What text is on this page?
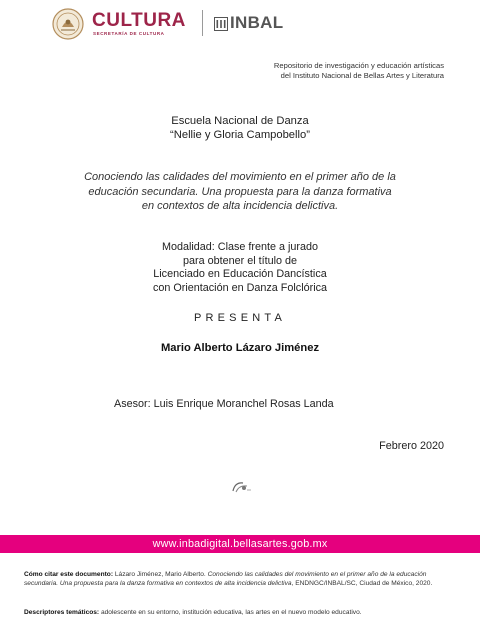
CULTURA
SECRETARÍA DE CULTURA
INBAL
Repositorio de investigación y educación artísticas
del Instituto Nacional de Bellas Artes y Literatura
Escuela Nacional de Danza
“Nellie y Gloria Campobello”
Conociendo las calidades del movimiento en el primer año de la
educación secundaria. Una propuesta para la danza formativa
en contextos de alta incidencia delictiva.
Modalidad: Clase frente a jurado
para obtener el título de
Licenciado en Educación Dancística
con Orientación en Danza Folclórica
PRESENTA
Mario Alberto Lázaro Jiménez
Asesor: Luis Enrique Moranchel Rosas Landa
Febrero 2020
www.inbadigital.bellasartes.gob.mx
Cómo citar este documento: Lázaro Jiménez, Mario Alberto. Conociendo las calidades del movimiento en el primer año de la educación secundaria. Una propuesta para la danza formativa en contextos de alta incidencia delictiva, ENDNGC/INBAL/SC, Ciudad de México, 2020.
Descriptores temáticos: adolescente en su entorno, institución educativa, las artes en el nuevo modelo educativo.
